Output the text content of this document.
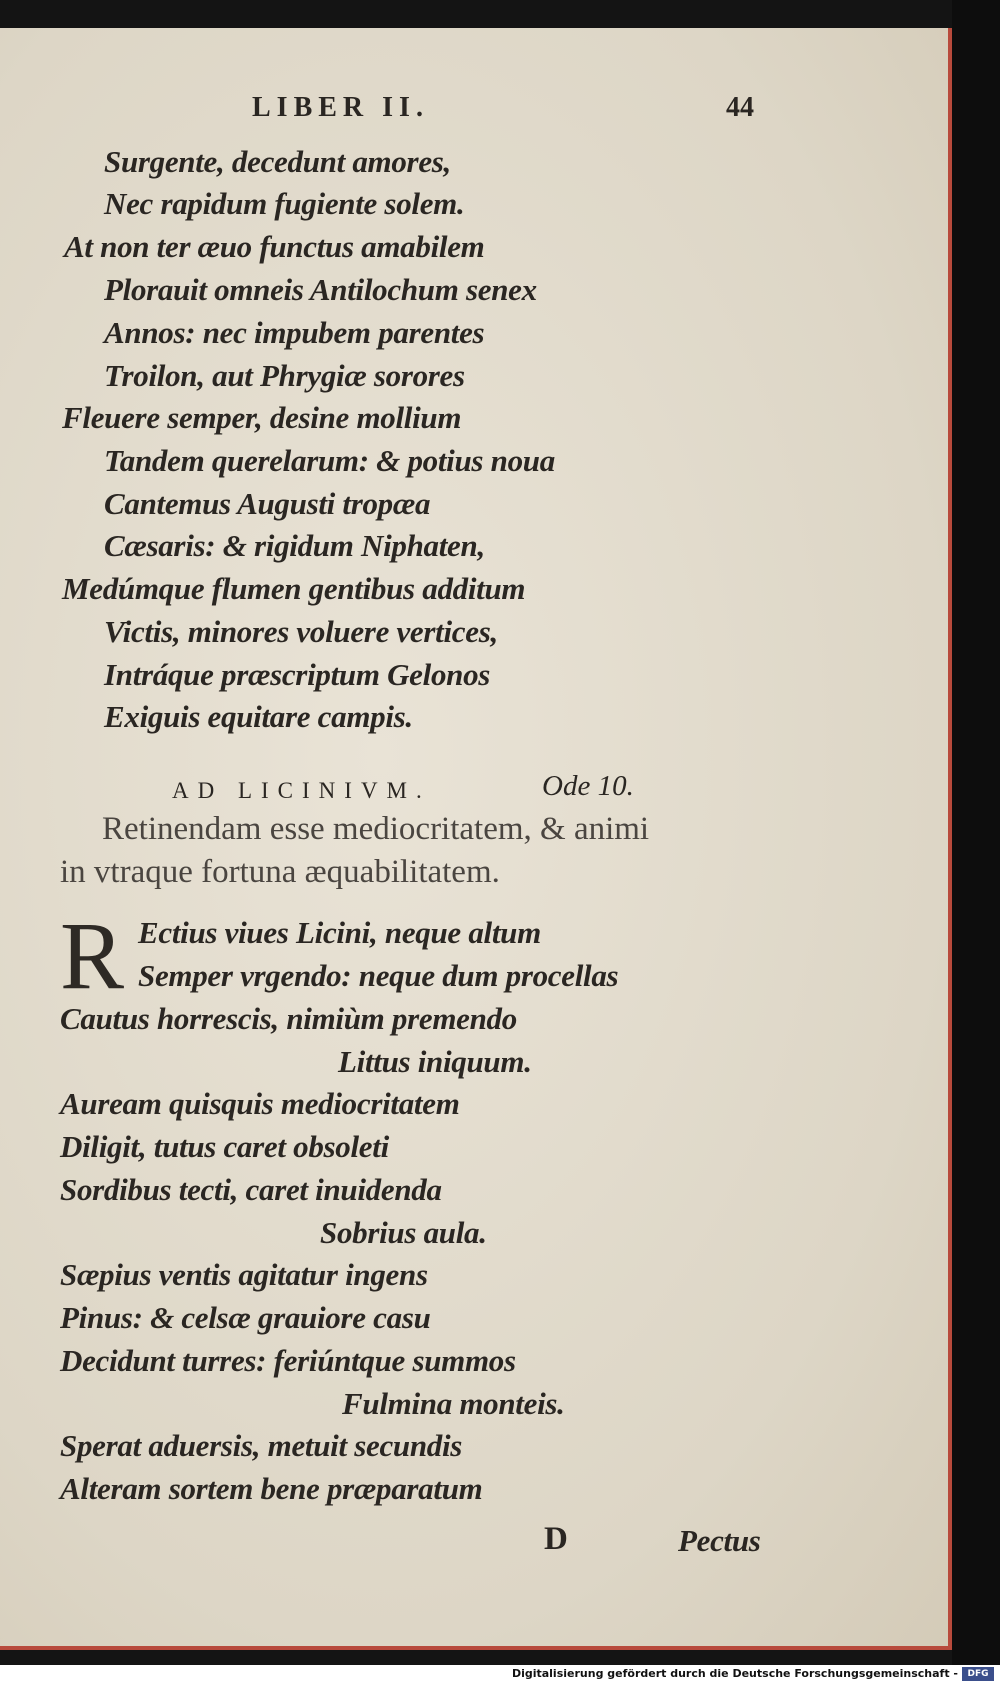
LIBER II.	44
Surgente, decedunt amores,
Nec rapidum fugiente solem.
At non ter æuo functus amabilem
Plorauit omneis Antilochum senex
Annos: nec impubem parentes
Troilon, aut Phrygiæ sorores
Fleuere semper, desine mollium
Tandem querelarum: & potius noua
Cantemus Augusti tropæa
Cæsaris: & rigidum Niphaten,
Medúmque flumen gentibus additum
Victis, minores voluere vertices,
Intráque præscriptum Gelonos
Exiguis equitare campis.
AD LICINIVM.	Ode 10.
Retinendam esse mediocritatem, & animi
in vtraque fortuna æquabilitatem.
R Ectius viues Licini, neque altum
Semper vrgendo: neque dum procellas
Cautus horrescis, nimiùm premendo
Littus iniquum.
Auream quisquis mediocritatem
Diligit, tutus caret obsoleti
Sordibus tecti, caret inuidenda
Sobrius aula.
Sæpius ventis agitatur ingens
Pinus: & celsæ grauiore casu
Decidunt turres: feriúntque summos
Fulmina monteis.
Sperat aduersis, metuit secundis
Alteram sortem bene præparatum
D	Pectus
Digitalisierung gefördert durch die Deutsche Forschungsgemeinschaft -	DFG
